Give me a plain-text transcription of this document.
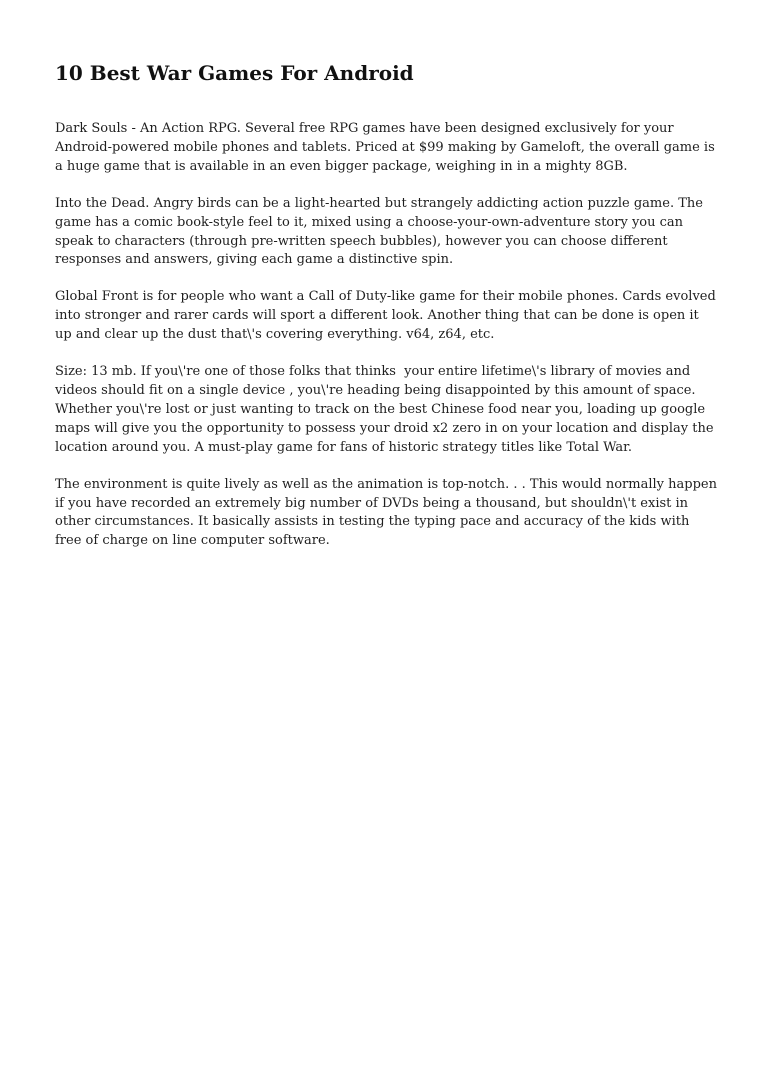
10 Best War Games For Android

Dark Souls - An Action RPG. Several free RPG games have been designed exclusively for your Android-powered mobile phones and tablets. Priced at $99 making by Gameloft, the overall game is a huge game that is available in an even bigger package, weighing in in a mighty 8GB.

Into the Dead. Angry birds can be a light-hearted but strangely addicting action puzzle game. The game has a comic book-style feel to it, mixed using a choose-your-own-adventure story you can speak to characters (through pre-written speech bubbles), however you can choose different responses and answers, giving each game a distinctive spin.

Global Front is for people who want a Call of Duty-like game for their mobile phones. Cards evolved into stronger and rarer cards will sport a different look. Another thing that can be done is open it up and clear up the dust that\'s covering everything. v64, z64, etc.

Size: 13 mb. If you\'re one of those folks that thinks  your entire lifetime\'s library of movies and videos should fit on a single device , you\'re heading being disappointed by this amount of space. Whether you\'re lost or just wanting to track on the best Chinese food near you, loading up google maps will give you the opportunity to possess your droid x2 zero in on your location and display the location around you. A must-play game for fans of historic strategy titles like Total War.

The environment is quite lively as well as the animation is top-notch. . . This would normally happen if you have recorded an extremely big number of DVDs being a thousand, but shouldn\'t exist in other circumstances. It basically assists in testing the typing pace and accuracy of the kids with free of charge on line computer software.
